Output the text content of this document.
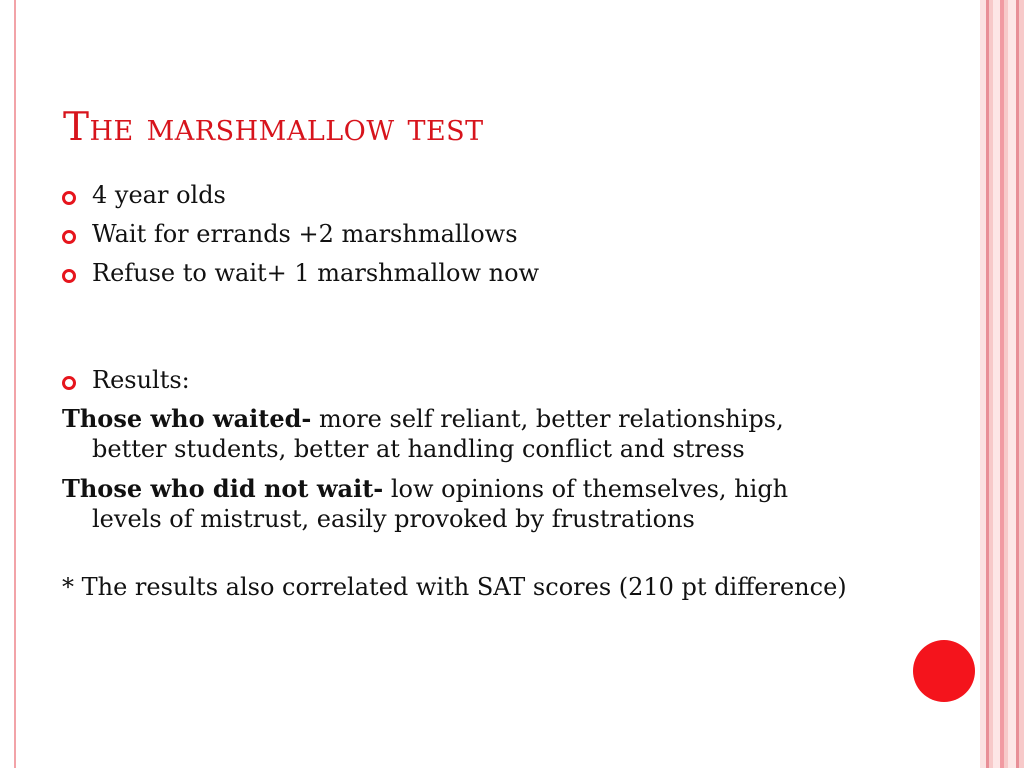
The marshmallow test
4 year olds
Wait for errands +2 marshmallows
Refuse to wait+ 1 marshmallow now
Results:

Those who waited- more self reliant, better relationships, better students, better at handling conflict and stress

Those who did not wait- low opinions of themselves, high levels of mistrust, easily provoked by frustrations

* The results also correlated with SAT scores (210 pt difference)
